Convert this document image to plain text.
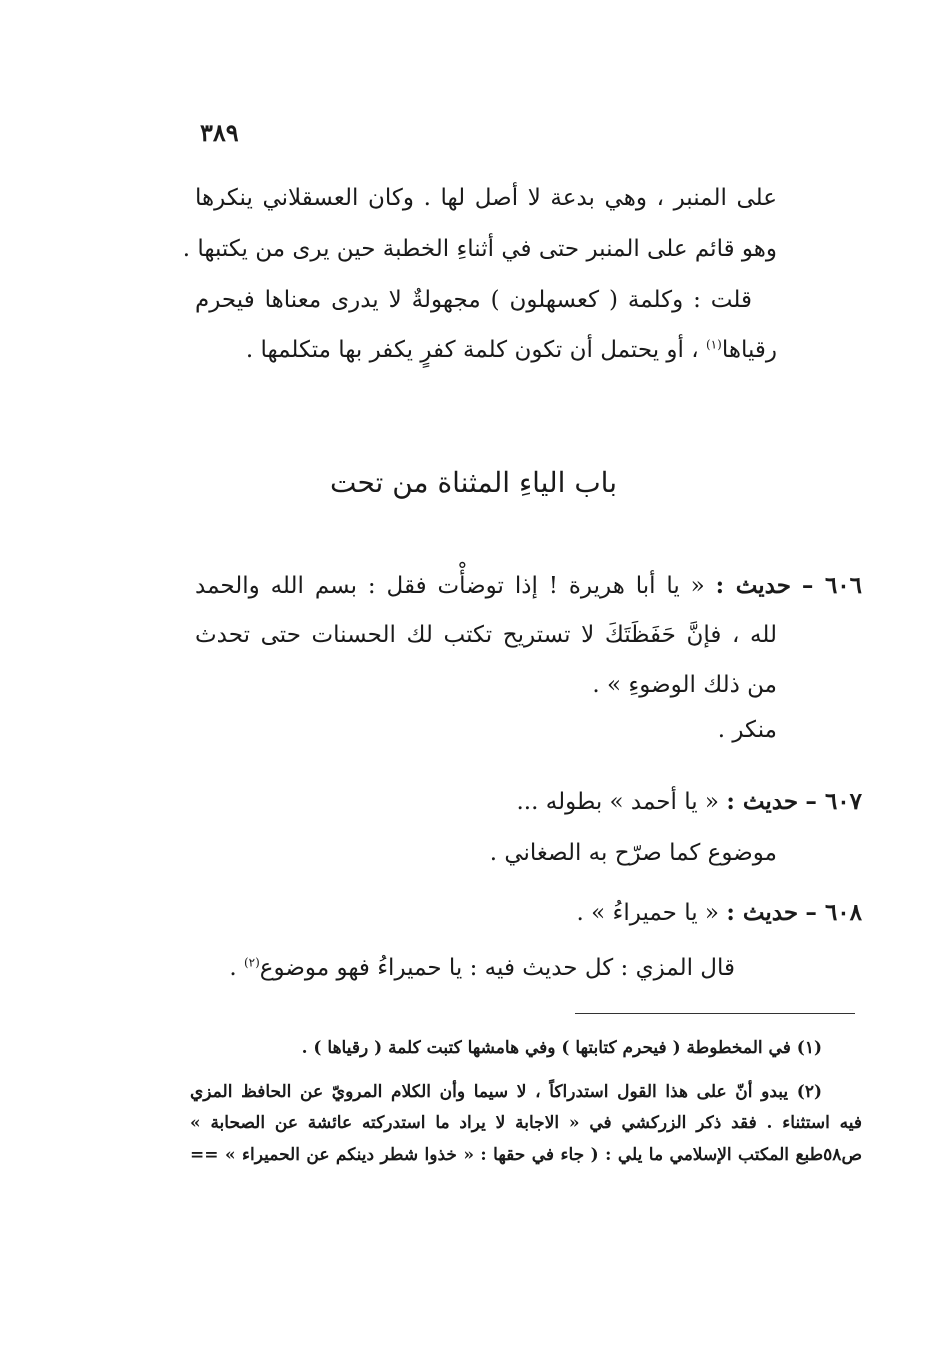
٣٨٩
على المنبر ، وهي بدعة لا أصل لها . وكان العسقلاني ينكرها
وهو قائم على المنبر حتى في أثناءِ الخطبة حين يرى من يكتبها .
قلت : وكلمة ( كعسهلون ) مجهولةٌ لا يدرى معناها فيحرم
رقياها$^{(١)}$ ، أو يحتمل أن تكون كلمة كفرٍ يكفر بها متكلمها .
باب الياءِ المثناة من تحت
٦٠٦ – حديث : « يا أبا هريرة ! إذا توضأْت فقل : بسم الله والحمد
لله ، فإنَّ حَفَظَتَكَ لا تستريح تكتب لك الحسنات حتى تحدث
من ذلك الوضوءِ » .
منكر .
٦٠٧ – حديث : « يا أحمد » بطوله ...
موضوع كما صرّح به الصغاني .
٦٠٨ – حديث : « يا حميراءُ » .
قال المزي : كل حديث فيه : يا حميراءُ فهو موضوع$^{(٢)}$ .
(١) في المخطوطة ( فيحرم كتابتها ) وفي هامشها كتبت كلمة ( رقياها ) .
(٢) يبدو أنّ على هذا القول استدراكاً ، لا سيما وأن الكلام المرويّ عن الحافظ المزي
فيه استثناء . فقد ذكر الزركشي في « الاجابة لا يراد ما استدركته عائشة عن الصحابة »
ص٥٨طبع المكتب الإسلامي ما يلي : ( جاء في حقها : « خذوا شطر دينكم عن الحميراء » ==
